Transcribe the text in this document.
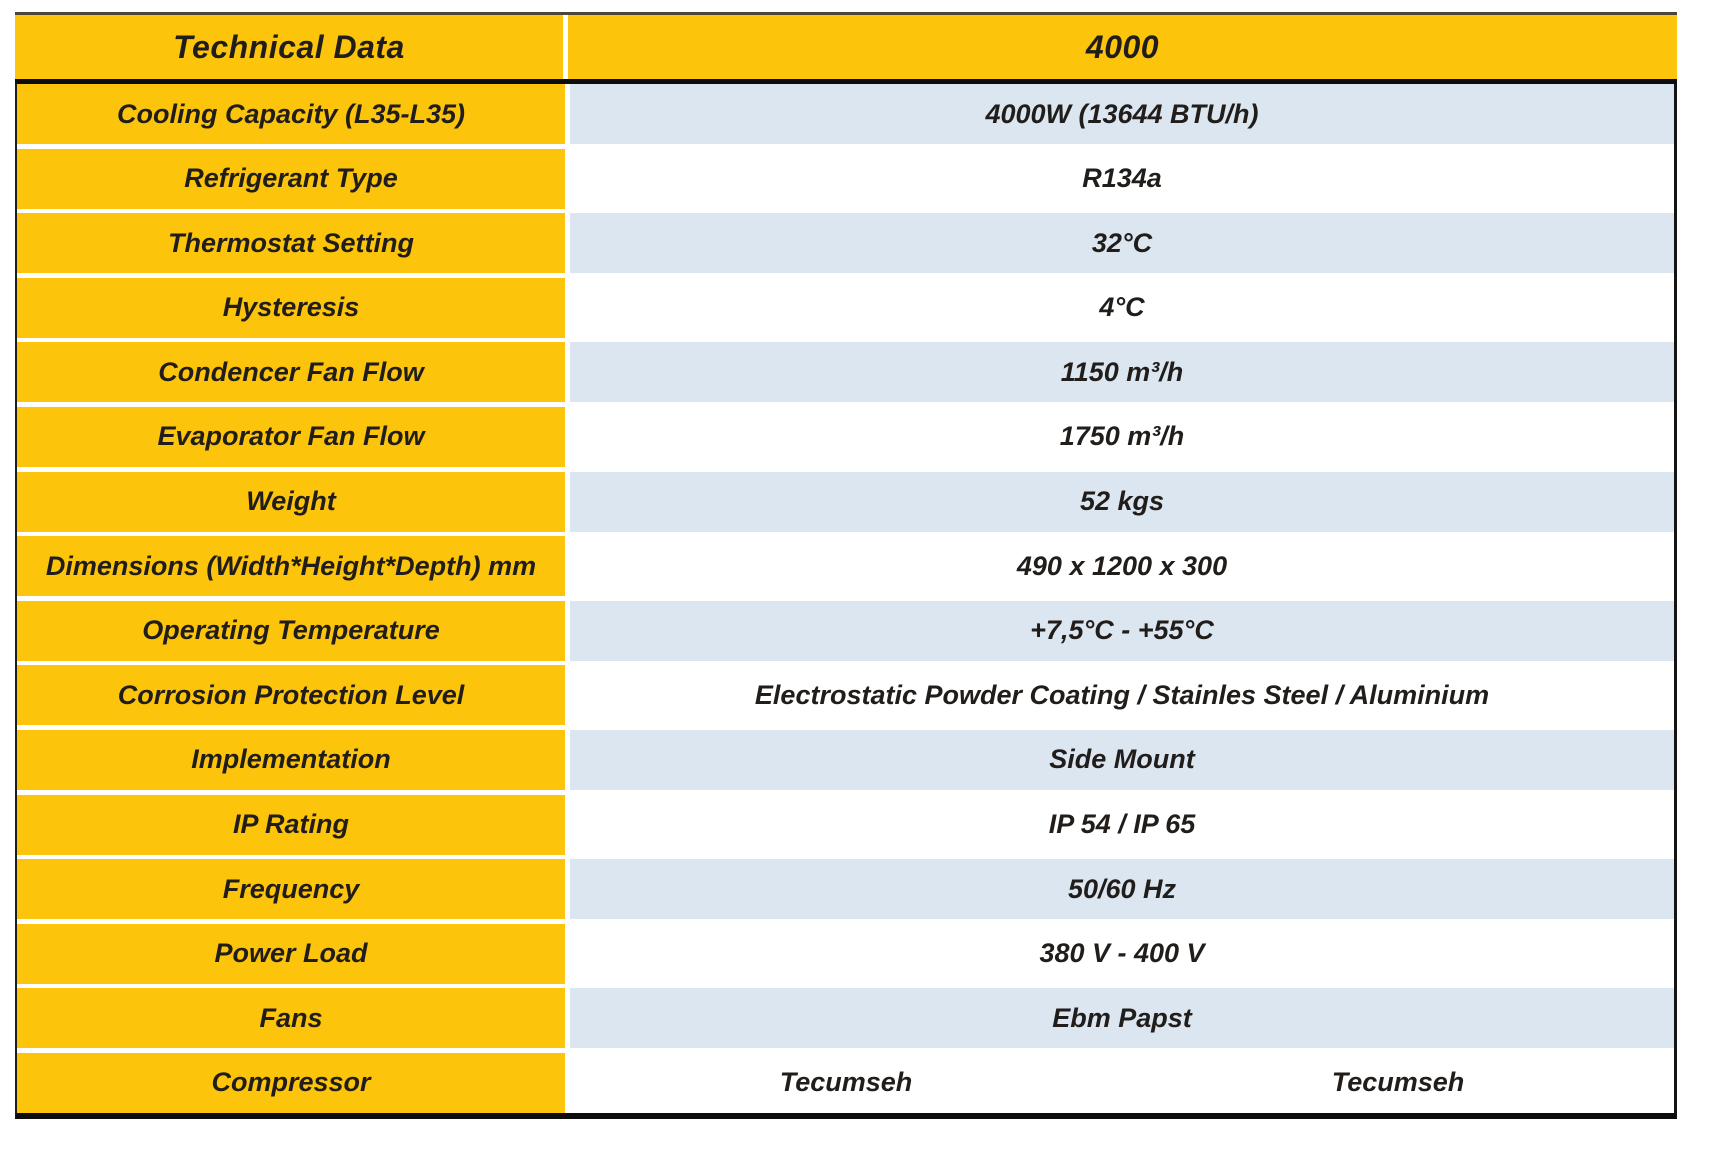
Technical Data	4000
Cooling Capacity (L35-L35)	4000W (13644 BTU/h)
Refrigerant Type	R134a
Thermostat Setting	32°C
Hysteresis	4°C
Condencer Fan Flow	1150 m³/h
Evaporator Fan Flow	1750 m³/h
Weight	52 kgs
Dimensions (Width*Height*Depth) mm	490 x 1200 x 300
Operating Temperature	+7,5°C - +55°C
Corrosion Protection Level	Electrostatic Powder Coating / Stainles Steel / Aluminium
Implementation	Side Mount
IP Rating	IP 54 / IP 65
Frequency	50/60 Hz
Power Load	380 V - 400 V
Fans	Ebm Papst
Compressor	Tecumseh	Tecumseh
